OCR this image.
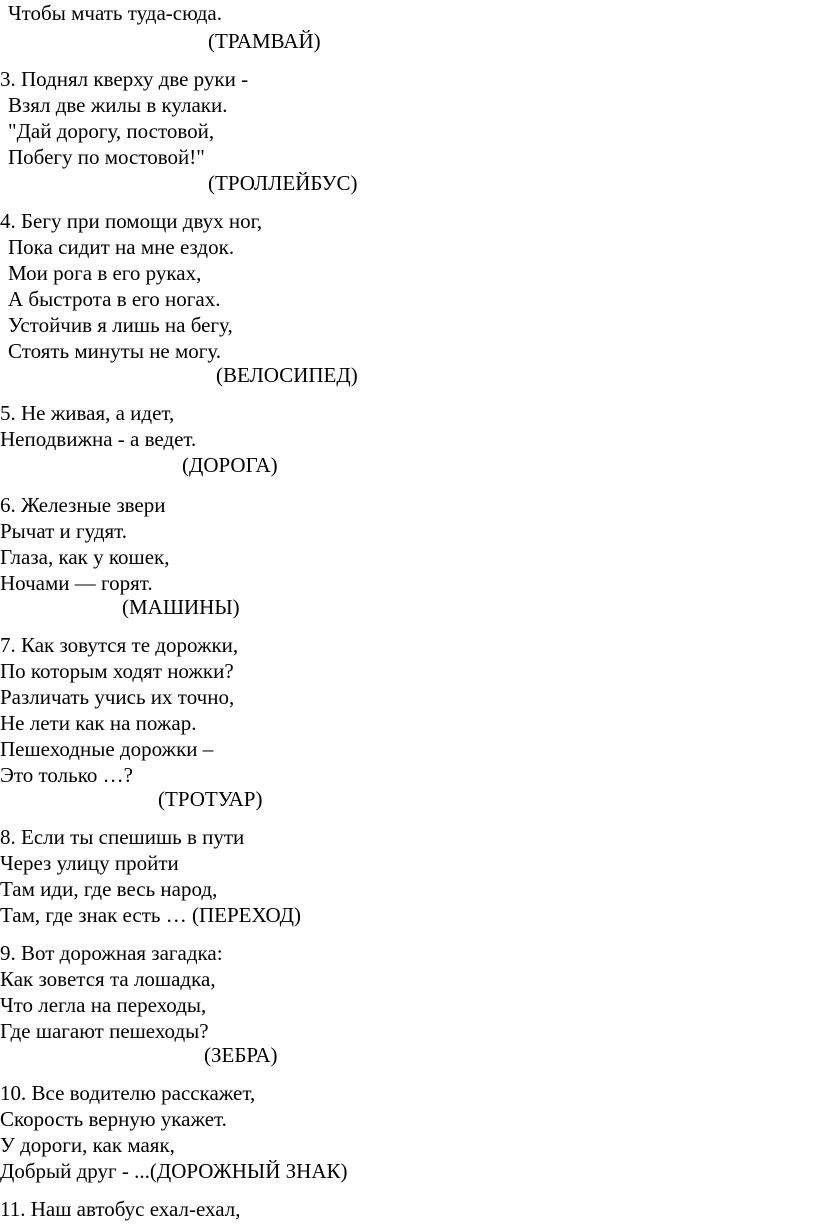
Чтобы мчать туда-сюда.
(ТРАМВАЙ)
3. Поднял кверху две руки -
Взял две жилы в кулаки.
"Дай дорогу, постовой,
Побегу по мостовой!"
(ТРОЛЛЕЙБУС)
4. Бегу при помощи двух ног,
Пока сидит на мне ездок.
Мои рога в его руках,
А быстрота в его ногах.
Устойчив я лишь на бегу,
Стоять минуты не могу.
(ВЕЛОСИПЕД)
5. Не живая, а идет,
Неподвижна - а ведет.
(ДОРОГА)
6. Железные звери
Рычат и гудят.
Глаза, как у кошек,
Ночами — горят.
(МАШИНЫ)
7. Как зовутся те дорожки,
По которым ходят ножки?
Различать учись их точно,
Не лети как на пожар.
Пешеходные дорожки –
Это только …?
(ТРОТУАР)
8. Если ты спешишь в пути
Через улицу пройти
Там иди, где весь народ,
Там, где знак есть … (ПЕРЕХОД)
9. Вот дорожная загадка:
Как зовется та лошадка,
Что легла на переходы,
Где шагают пешеходы?
(ЗЕБРА)
10. Все водителю расскажет,
Скорость верную укажет.
У дороги, как маяк,
Добрый друг - ...(ДОРОЖНЫЙ ЗНАК)
11. Наш автобус ехал-ехал,
